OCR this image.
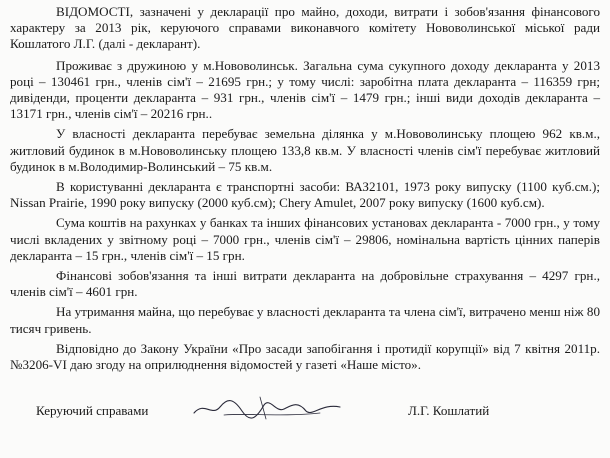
ВІДОМОСТІ, зазначені у декларації про майно, доходи, витрати і зобов'язання фінансового характеру за 2013 рік, керуючого справами виконавчого комітету Нововолинської міської ради Кошлатого Л.Г. (далі - декларант).

Проживає з дружиною у м.Нововолинськ. Загальна сума сукупного доходу декларанта у 2013 році – 130461 грн., членів сім'ї – 21695 грн.; у тому числі: заробітна плата декларанта – 116359 грн; дивіденди, проценти декларанта – 931 грн., членів сім'ї – 1479 грн.; інші види доходів декларанта – 13171 грн., членів сім'ї – 20216 грн..

У власності декларанта перебуває земельна ділянка у м.Нововолинську площею 962 кв.м., житловий будинок в м.Нововолинську площею 133,8 кв.м. У власності членів сім'ї перебуває житловий будинок в м.Володимир-Волинський – 75 кв.м.

В користуванні декларанта є транспортні засоби: ВАЗ2101, 1973 року випуску (1100 куб.см.); Nissan Prairie, 1990 року випуску (2000 куб.см); Chery Amulet, 2007 року випуску (1600 куб.см).

Сума коштів на рахунках у банках та інших фінансових установах декларанта - 7000 грн., у тому числі вкладених у звітному році – 7000 грн., членів сім'ї – 29806, номінальна вартість цінних паперів декларанта – 15 грн., членів сім'ї – 15 грн.

Фінансові зобов'язання та інші витрати декларанта на добровільне страхування – 4297 грн., членів сім'ї – 4601 грн.

На утримання майна, що перебуває у власності декларанта та члена сім'ї, витрачено менш ніж 80 тисяч гривень.

Відповідно до Закону України «Про засади запобігання і протидії корупції» від 7 квітня 2011р. №3206-VI даю згоду на оприлюднення відомостей у газеті «Наше місто».

Керуючий справами	Л.Г. Кошлатий
